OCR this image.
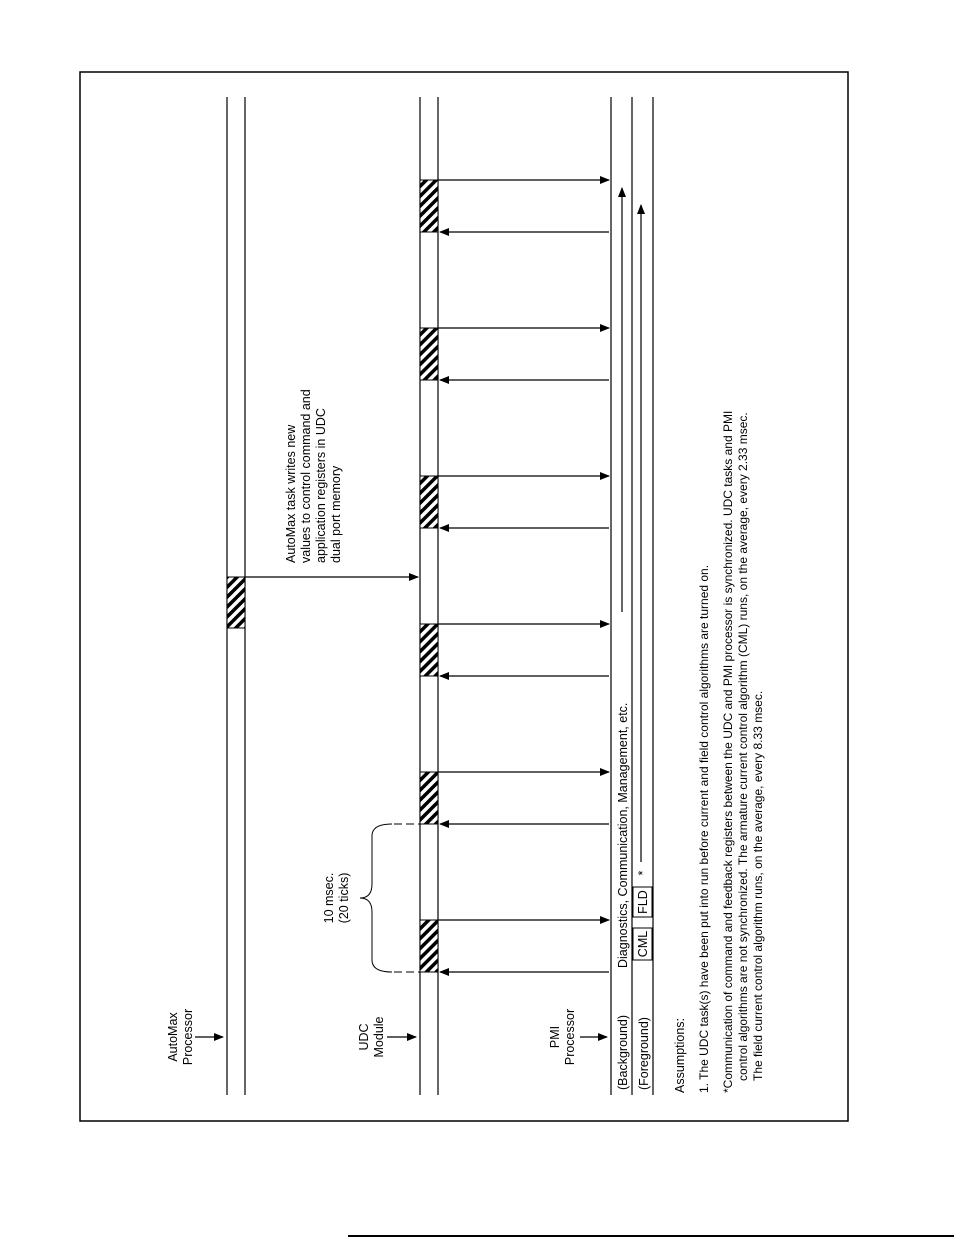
AutoMaxProcessor	UDCModule	PMIProcessor
10 msec.(20 ticks)
AutoMax task writes newvalues to control command andapplication registers in UDCdual port memory
(Background)
Diagnostics, Communication, Management, etc.
(Foreground)
CML
FLD
*
Assumptions: 1. The UDC task(s) have been put into run before current and field control algorithms are turned on. *Communication of command and feedback registers between the UDC and PMI processor is synchronized. UDC tasks and PMI control algorithms are not synchronized. The armature current control algorithm (CML) runs, on the average, every 2.33 msec. The field current control algorithm runs, on the average, every 8.33 msec.
